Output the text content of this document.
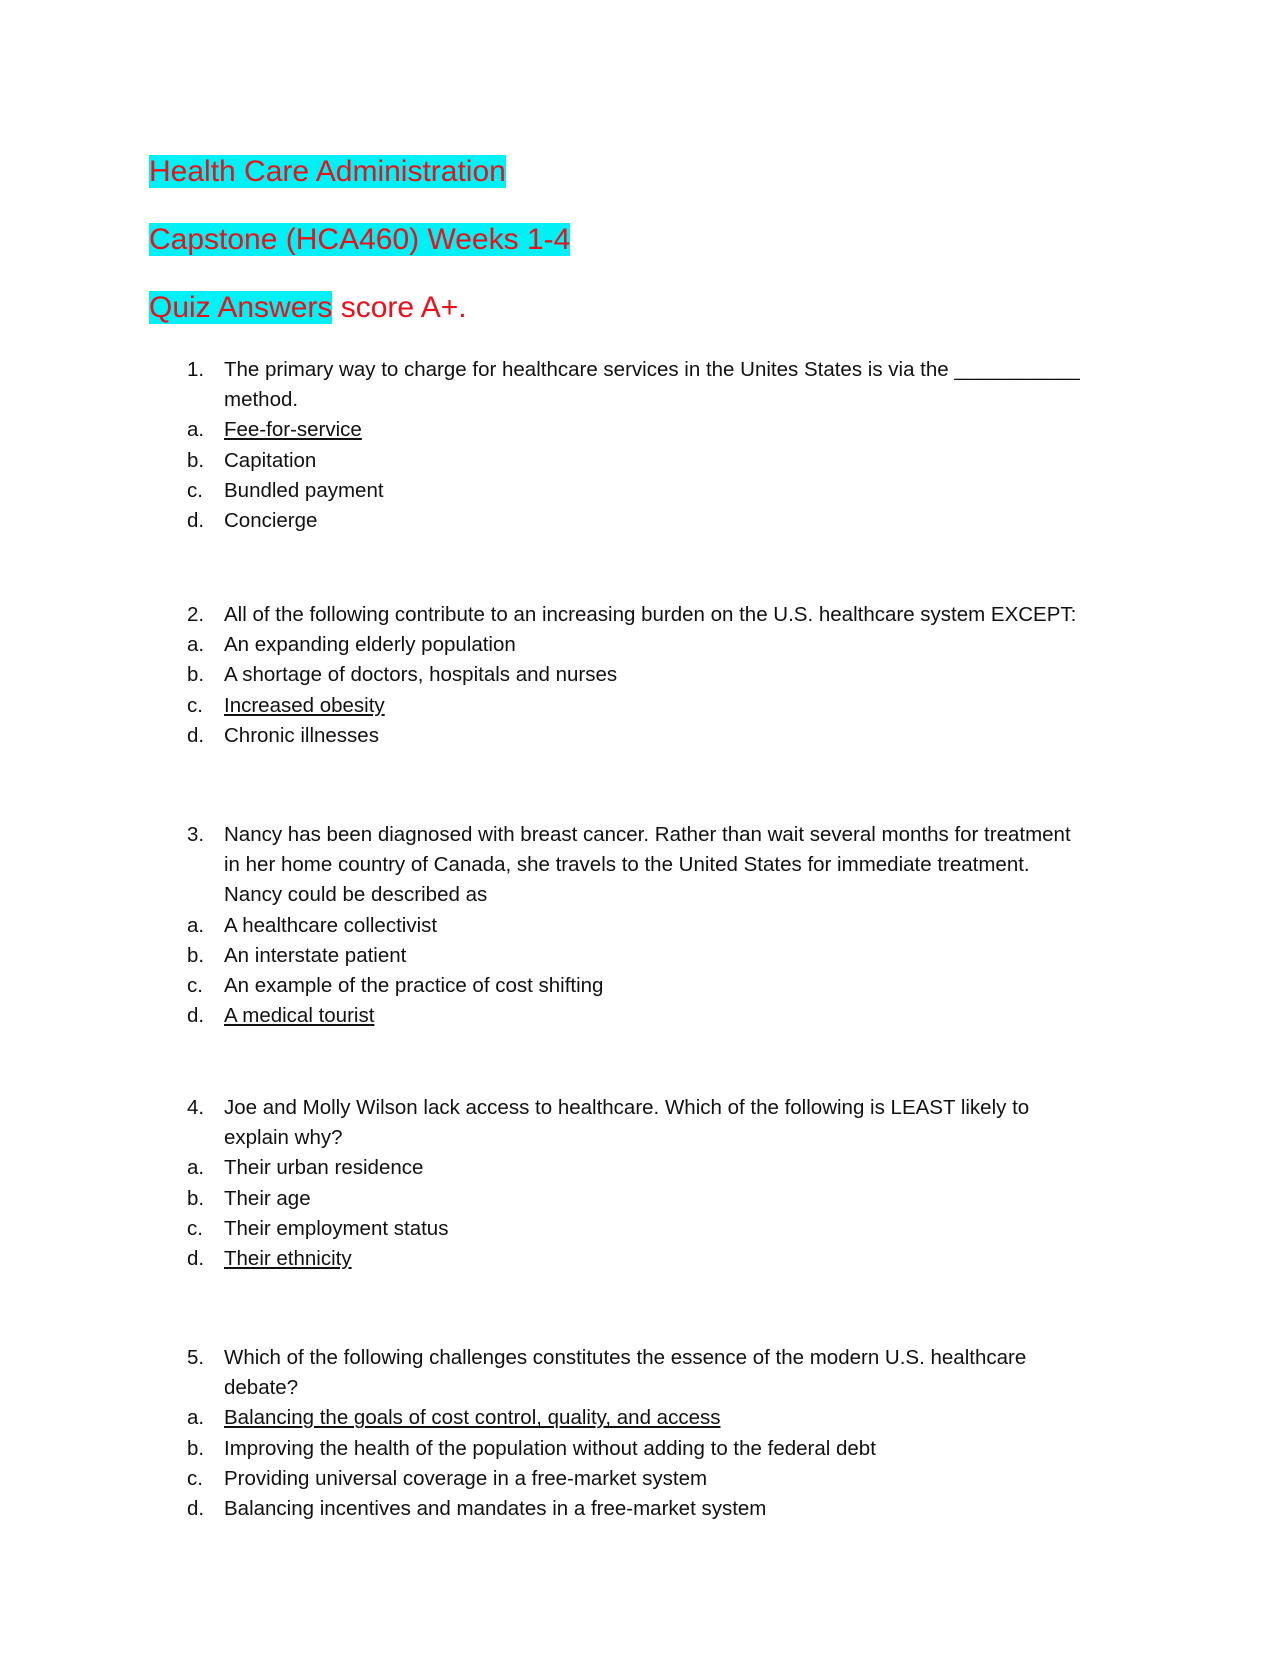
Health Care Administration
Capstone (HCA460) Weeks 1-4
Quiz Answers score A+.
1. The primary way to charge for healthcare services in the Unites States is via the ___________
method.
a. Fee-for-service
b. Capitation
c. Bundled payment
d. Concierge
2. All of the following contribute to an increasing burden on the U.S. healthcare system EXCEPT:
a. An expanding elderly population
b. A shortage of doctors, hospitals and nurses
c. Increased obesity
d. Chronic illnesses
3. Nancy has been diagnosed with breast cancer. Rather than wait several months for treatment
in her home country of Canada, she travels to the United States for immediate treatment.
Nancy could be described as
a. A healthcare collectivist
b. An interstate patient
c. An example of the practice of cost shifting
d. A medical tourist
4. Joe and Molly Wilson lack access to healthcare. Which of the following is LEAST likely to
explain why?
a. Their urban residence
b. Their age
c. Their employment status
d. Their ethnicity
5. Which of the following challenges constitutes the essence of the modern U.S. healthcare
debate?
a. Balancing the goals of cost control, quality, and access
b. Improving the health of the population without adding to the federal debt
c. Providing universal coverage in a free-market system
d. Balancing incentives and mandates in a free-market system
